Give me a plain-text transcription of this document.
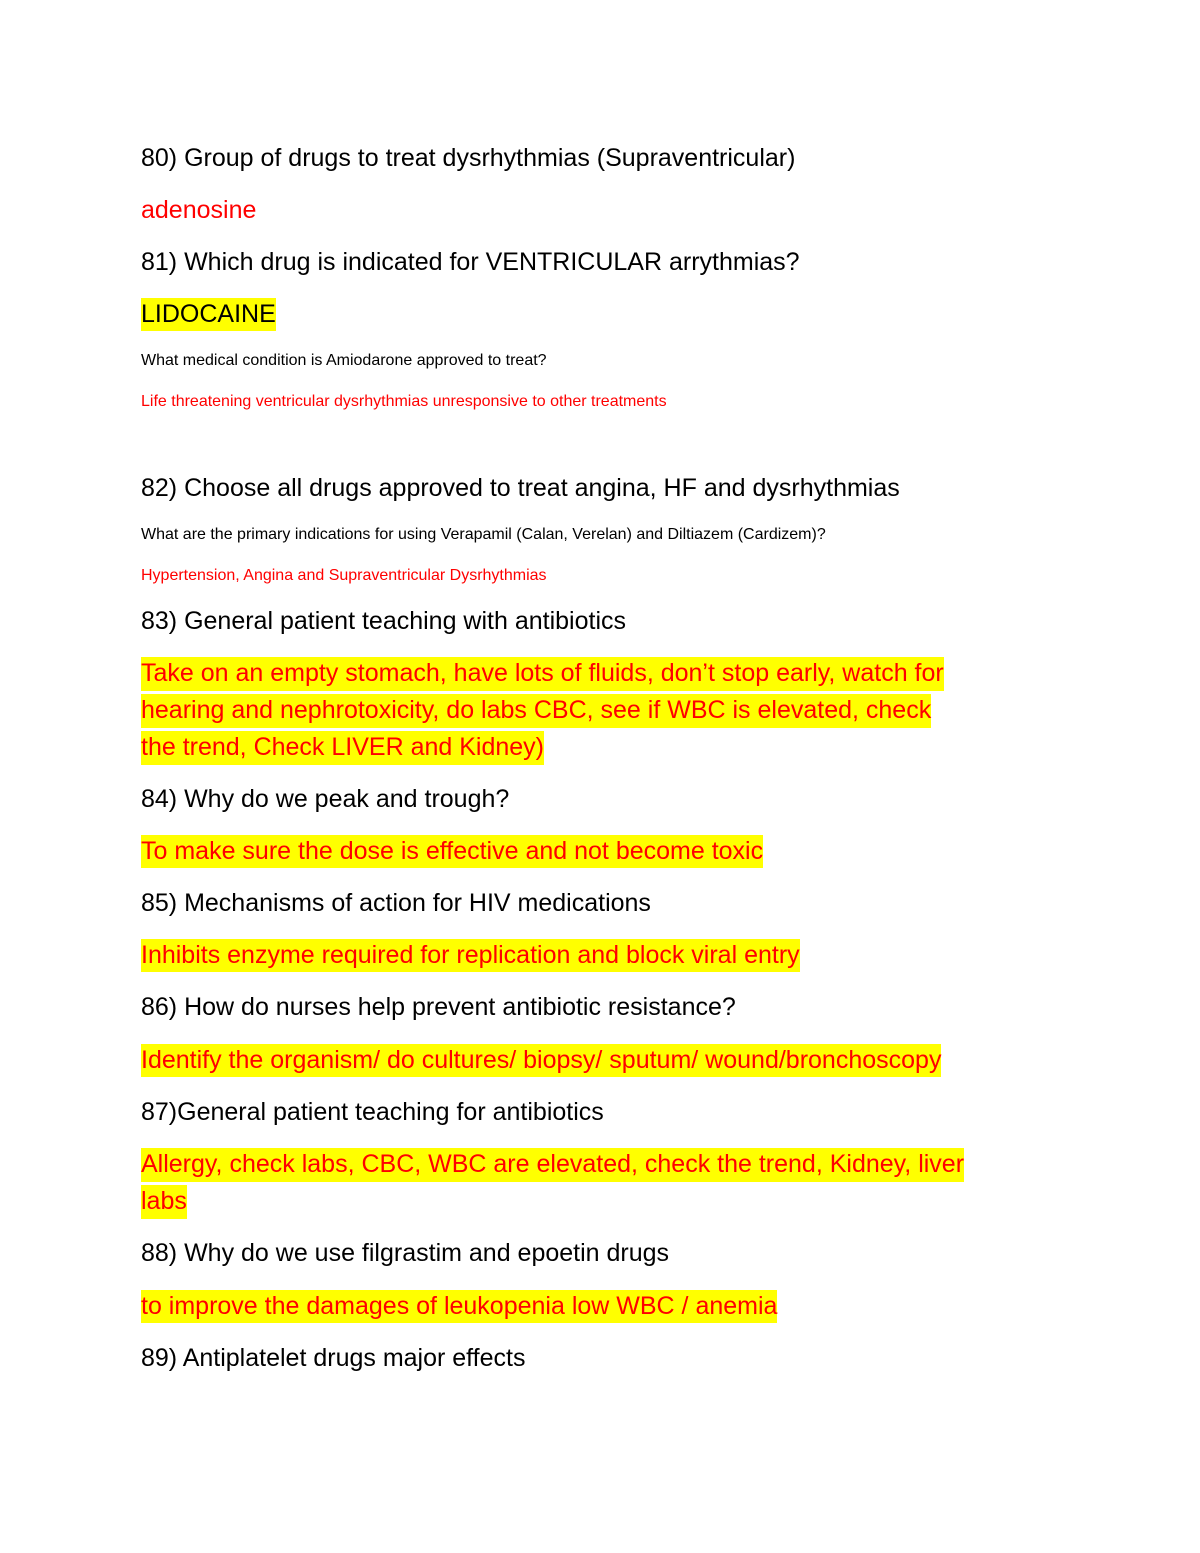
80) Group of drugs to treat dysrhythmias (Supraventricular)

adenosine

81) Which drug is indicated for VENTRICULAR arrythmias?

LIDOCAINE

What medical condition is Amiodarone approved to treat?

Life threatening ventricular dysrhythmias unresponsive to other treatments

82) Choose all drugs approved to treat angina, HF and dysrhythmias

What are the primary indications for using Verapamil (Calan, Verelan) and Diltiazem (Cardizem)?

Hypertension, Angina and Supraventricular Dysrhythmias

83) General patient teaching with antibiotics

Take on an empty stomach, have lots of fluids, don’t stop early, watch for
hearing and nephrotoxicity, do labs CBC, see if WBC is elevated, check
the trend, Check LIVER and Kidney)

84) Why do we peak and trough?

To make sure the dose is effective and not become toxic

85) Mechanisms of action for HIV medications

Inhibits enzyme required for replication and block viral entry

86) How do nurses help prevent antibiotic resistance?

Identify the organism/ do cultures/ biopsy/ sputum/ wound/bronchoscopy

87)General patient teaching for antibiotics

Allergy, check labs, CBC, WBC are elevated, check the trend, Kidney, liver
labs

88) Why do we use filgrastim and epoetin drugs

to improve the damages of leukopenia low WBC / anemia

89) Antiplatelet drugs major effects
